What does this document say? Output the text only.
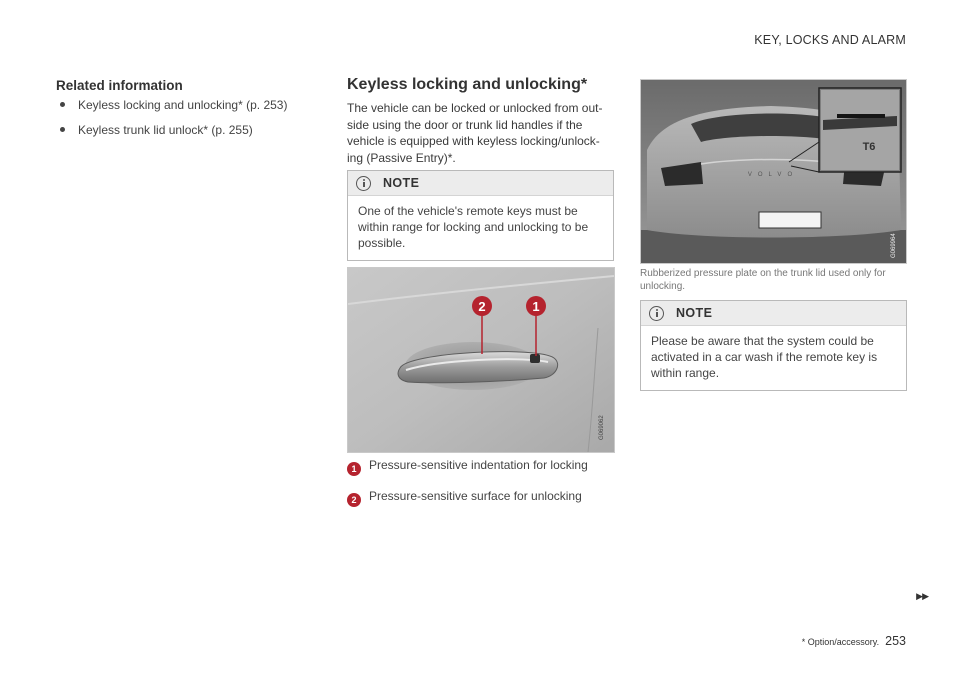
KEY, LOCKS AND ALARM
Related information
Keyless locking and unlocking* (p. 253)
Keyless trunk lid unlock* (p. 255)
Keyless locking and unlocking*

The vehicle can be locked or unlocked from out-side using the door or trunk lid handles if the vehicle is equipped with keyless locking/unlock-ing (Passive Entry)*.

NOTE
One of the vehicle's remote keys must be within range for locking and unlocking to be possible.
2	1
G069062
1	Pressure-sensitive indentation for locking
2	Pressure-sensitive surface for unlocking
VOLVO
T6
G069964
Rubberized pressure plate on the trunk lid used only for unlocking.
NOTE
Please be aware that the system could be activated in a car wash if the remote key is within range.
▶▶
* Option/accessory. 253
